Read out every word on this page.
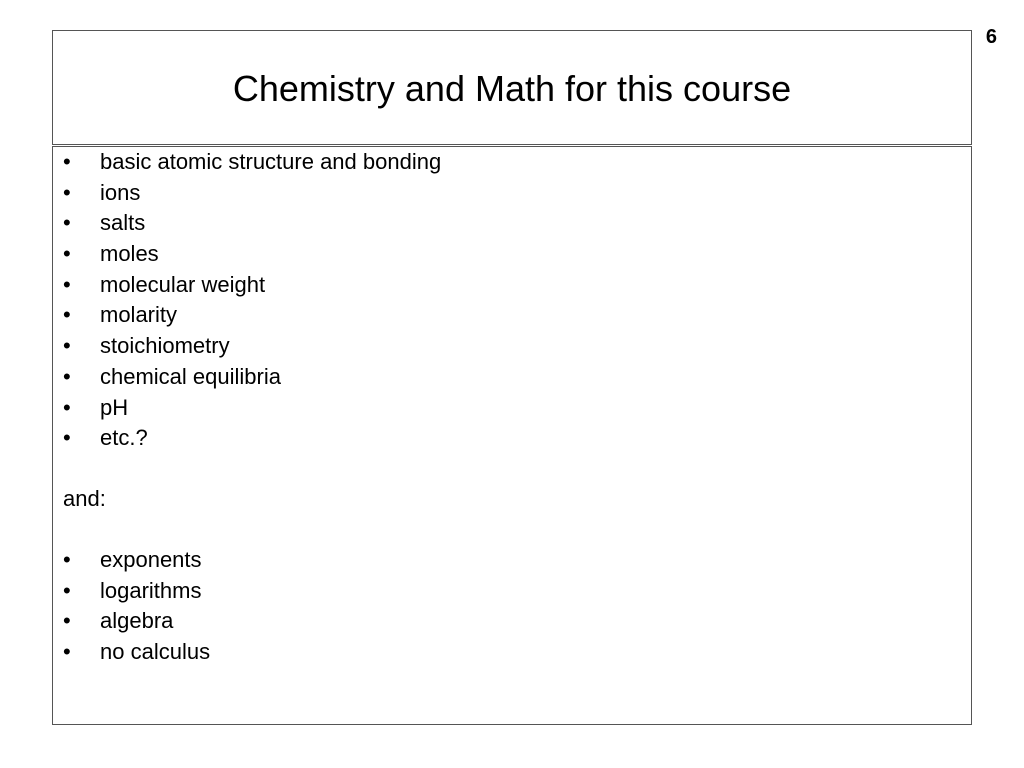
6
Chemistry and Math for this course
• basic atomic structure and bonding
• ions
• salts
• moles
• molecular weight
• molarity
• stoichiometry
• chemical equilibria
• pH
• etc.?
and:
• exponents
• logarithms
• algebra
• no calculus
